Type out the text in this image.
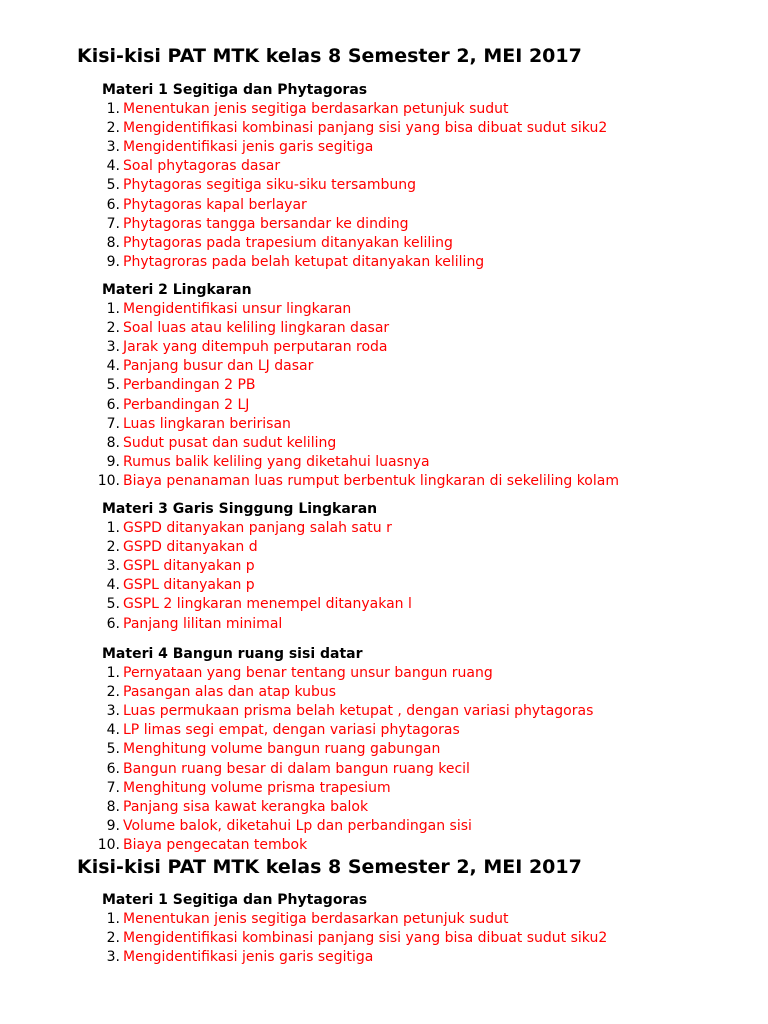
Kisi-kisi PAT MTK kelas 8 Semester 2, MEI 2017
Materi 1 Segitiga dan Phytagoras
1. Menentukan jenis segitiga berdasarkan petunjuk sudut
2. Mengidentifikasi kombinasi panjang sisi yang bisa dibuat sudut siku2
3. Mengidentifikasi jenis garis segitiga
4. Soal phytagoras dasar
5. Phytagoras segitiga siku-siku tersambung
6. Phytagoras kapal berlayar
7. Phytagoras tangga bersandar ke dinding
8. Phytagoras pada trapesium ditanyakan keliling
9. Phytagroras pada belah ketupat ditanyakan keliling
Materi 2 Lingkaran
1. Mengidentifikasi unsur lingkaran
2. Soal luas atau keliling lingkaran dasar
3. Jarak yang ditempuh perputaran roda
4. Panjang busur dan LJ dasar
5. Perbandingan 2 PB
6. Perbandingan 2 LJ
7. Luas lingkaran beririsan
8. Sudut pusat dan sudut keliling
9. Rumus balik keliling yang diketahui luasnya
10. Biaya penanaman luas rumput berbentuk lingkaran di sekeliling kolam
Materi 3 Garis Singgung Lingkaran
1. GSPD ditanyakan panjang salah satu r
2. GSPD ditanyakan d
3. GSPL ditanyakan p
4. GSPL ditanyakan p
5. GSPL 2 lingkaran menempel ditanyakan l
6. Panjang lilitan minimal
Materi 4 Bangun ruang sisi datar
1. Pernyataan yang benar tentang unsur bangun ruang
2. Pasangan alas dan atap kubus
3. Luas permukaan prisma belah ketupat , dengan variasi phytagoras
4. LP limas segi empat, dengan variasi phytagoras
5. Menghitung volume bangun ruang gabungan
6. Bangun ruang besar di dalam bangun ruang kecil
7. Menghitung volume prisma trapesium
8. Panjang sisa kawat kerangka balok
9. Volume balok, diketahui Lp dan perbandingan sisi
10. Biaya pengecatan tembok
Kisi-kisi PAT MTK kelas 8 Semester 2, MEI 2017
Materi 1 Segitiga dan Phytagoras
1. Menentukan jenis segitiga berdasarkan petunjuk sudut
2. Mengidentifikasi kombinasi panjang sisi yang bisa dibuat sudut siku2
3. Mengidentifikasi jenis garis segitiga
